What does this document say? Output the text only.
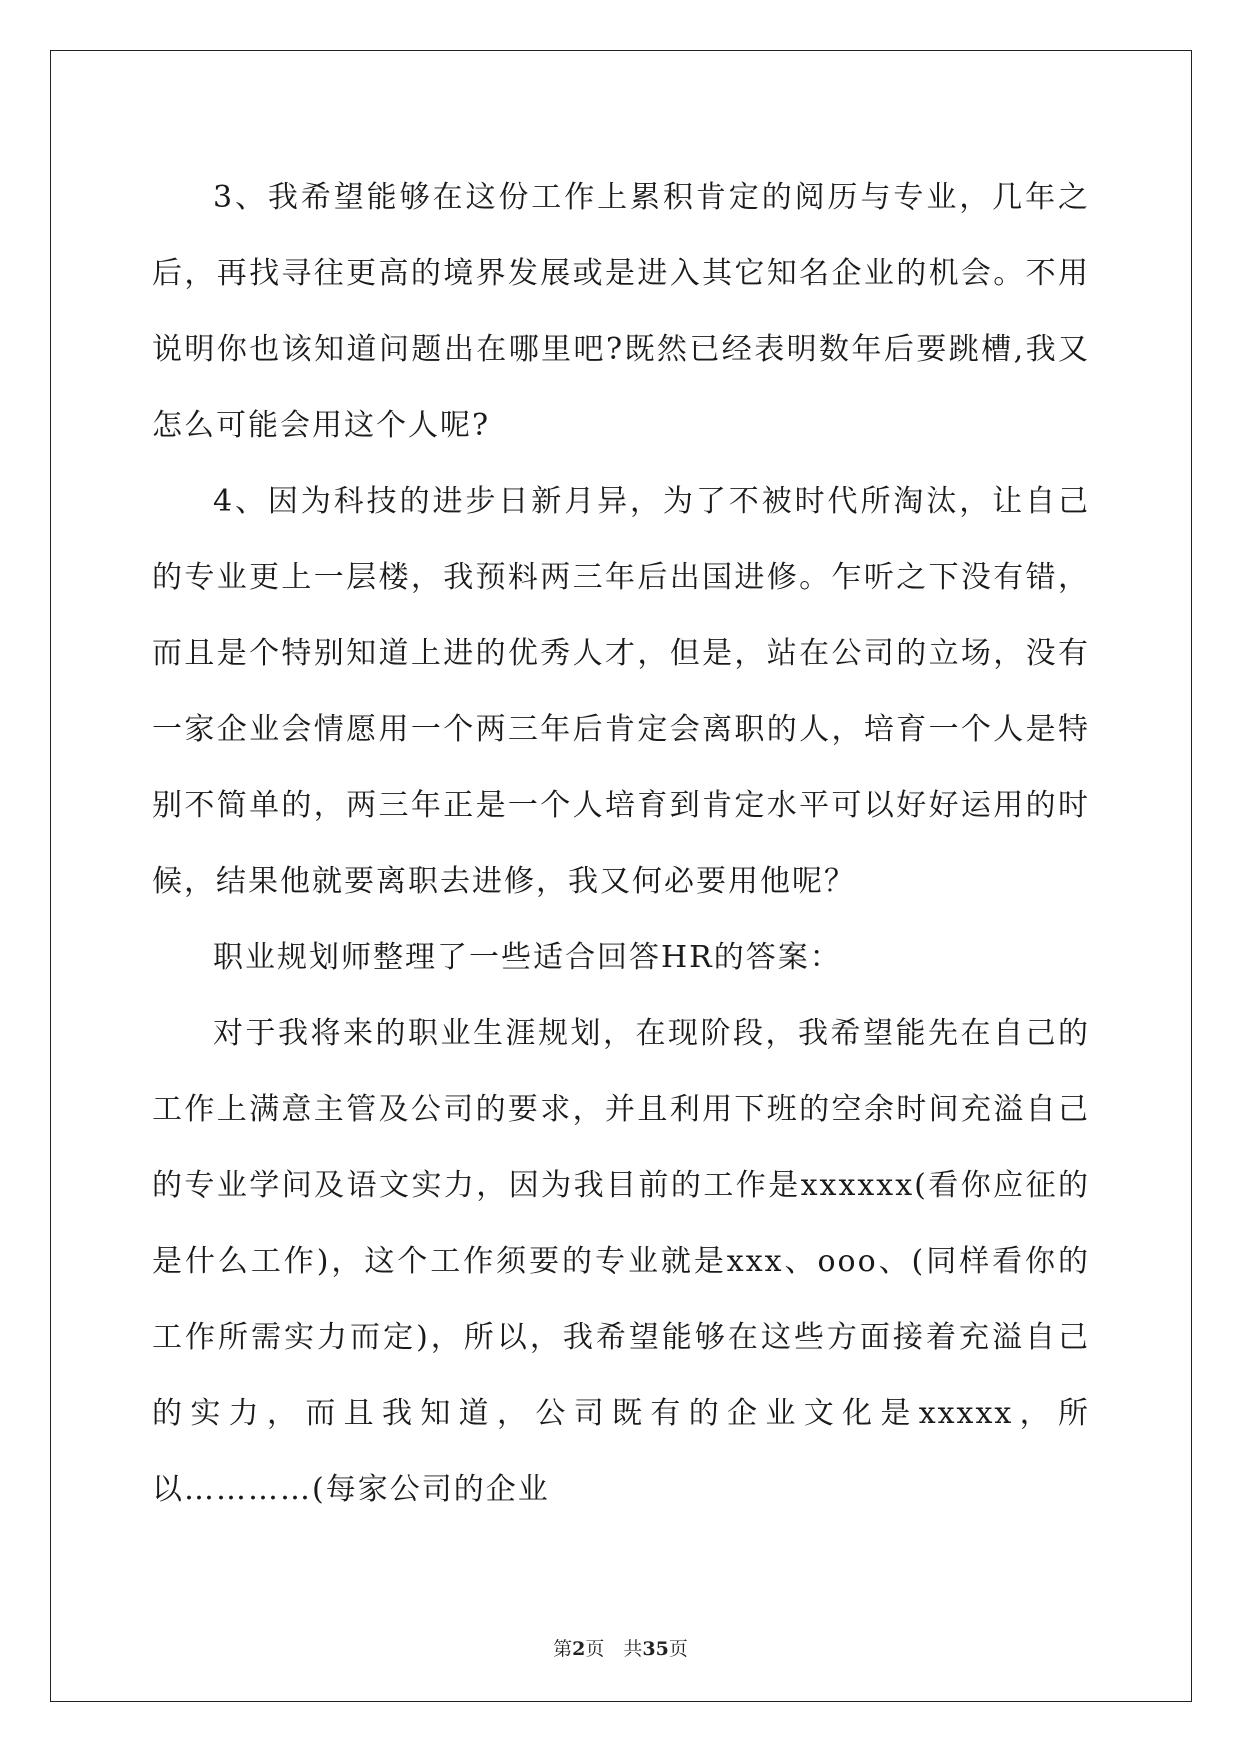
3、我希望能够在这份工作上累积肯定的阅历与专业，几年之后，再找寻往更高的境界发展或是进入其它知名企业的机会。不用说明你也该知道问题出在哪里吧?既然已经表明数年后要跳槽,我又怎么可能会用这个人呢?

4、因为科技的进步日新月异，为了不被时代所淘汰，让自己的专业更上一层楼，我预料两三年后出国进修。乍听之下没有错，而且是个特别知道上进的优秀人才，但是，站在公司的立场，没有一家企业会情愿用一个两三年后肯定会离职的人，培育一个人是特别不简单的，两三年正是一个人培育到肯定水平可以好好运用的时候，结果他就要离职去进修，我又何必要用他呢？

职业规划师整理了一些适合回答HR的答案：

对于我将来的职业生涯规划，在现阶段，我希望能先在自己的工作上满意主管及公司的要求，并且利用下班的空余时间充溢自己的专业学问及语文实力，因为我目前的工作是xxxxxx(看你应征的是什么工作)，这个工作须要的专业就是xxx、ooo、(同样看你的工作所需实力而定)，所以，我希望能够在这些方面接着充溢自己的实力，而且我知道，公司既有的企业文化是xxxxx，所以…………(每家公司的企业

第2页　共35页
